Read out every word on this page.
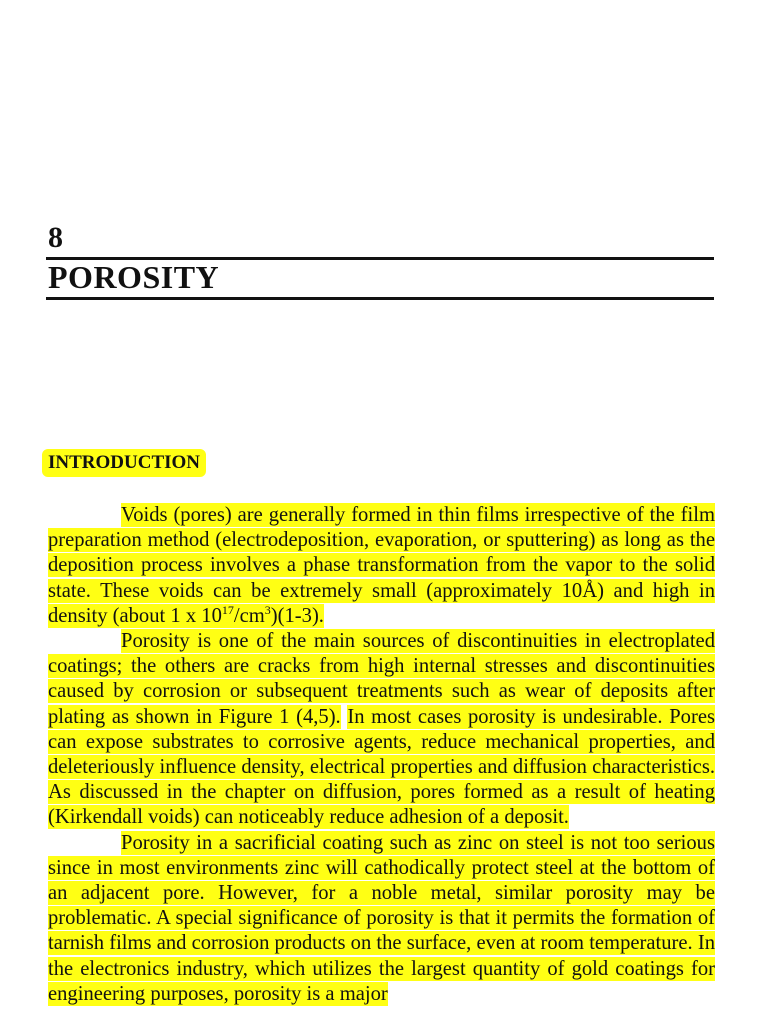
8
POROSITY
INTRODUCTION

Voids (pores) are generally formed in thin films irrespective of the film preparation method (electrodeposition, evaporation, or sputtering) as long as the deposition process involves a phase transformation from the vapor to the solid state. These voids can be extremely small (approximately 10Å) and high in density (about 1 x $10^{17}/cm^3)(1-3)$.

Porosity is one of the main sources of discontinuities in electroplated coatings; the others are cracks from high internal stresses and discontinuities caused by corrosion or subsequent treatments such as wear of deposits after plating as shown in Figure 1 (4,5). In most cases porosity is undesirable. Pores can expose substrates to corrosive agents, reduce mechanical properties, and deleteriously influence density, electrical properties and diffusion characteristics. As discussed in the chapter on diffusion, pores formed as a result of heating (Kirkendall voids) can noticeably reduce adhesion of a deposit.

Porosity in a sacrificial coating such as zinc on steel is not too serious since in most environments zinc will cathodically protect steel at the bottom of an adjacent pore. However, for a noble metal, similar porosity may be problematic. A special significance of porosity is that it permits the formation of tarnish films and corrosion products on the surface, even at room temperature. In the electronics industry, which utilizes the largest quantity of gold coatings for engineering purposes, porosity is a major
